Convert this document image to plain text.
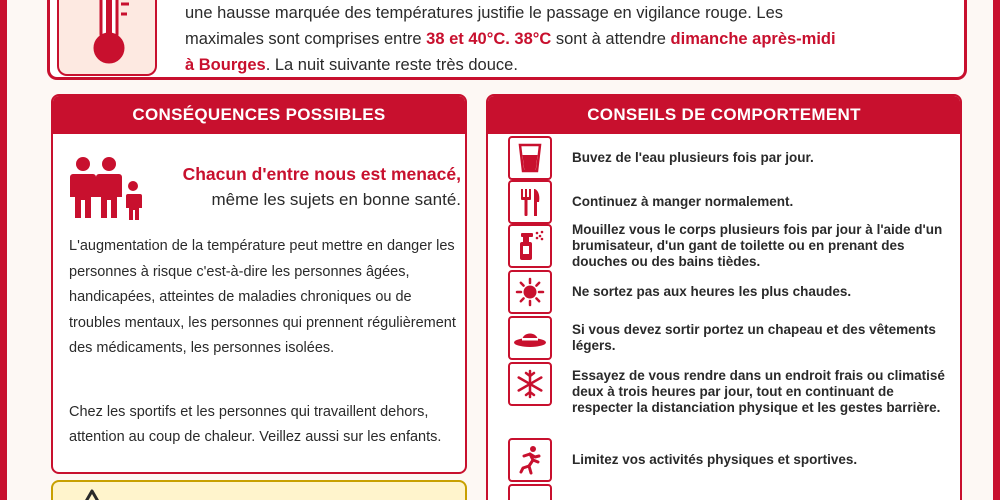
une hausse marquée des températures justifie le passage en vigilance rouge. Les
maximales sont comprises entre 38 et 40°C. 38°C sont à attendre dimanche après-midi
à Bourges. La nuit suivante reste très douce.
CONSÉQUENCES POSSIBLES
Chacun d'entre nous est menacé,
même les sujets en bonne santé.
L'augmentation de la température peut mettre en danger les personnes à risque c'est-à-dire les personnes âgées, handicapées, atteintes de maladies chroniques ou de troubles mentaux, les personnes qui prennent régulièrement des médicaments, les personnes isolées.
Chez les sportifs et les personnes qui travaillent dehors, attention au coup de chaleur. Veillez aussi sur les enfants.
CONSEILS DE COMPORTEMENT
Buvez de l'eau plusieurs fois par jour.
Continuez à manger normalement.
Mouillez vous le corps plusieurs fois par jour à l'aide d'un brumisateur, d'un gant de toilette ou en prenant des douches ou des bains tièdes.
Ne sortez pas aux heures les plus chaudes.
Si vous devez sortir portez un chapeau et des vêtements légers.
Essayez de vous rendre dans un endroit frais ou climatisé deux à trois heures par jour, tout en continuant de respecter la distanciation physique et les gestes barrière.
Limitez vos activités physiques et sportives.
